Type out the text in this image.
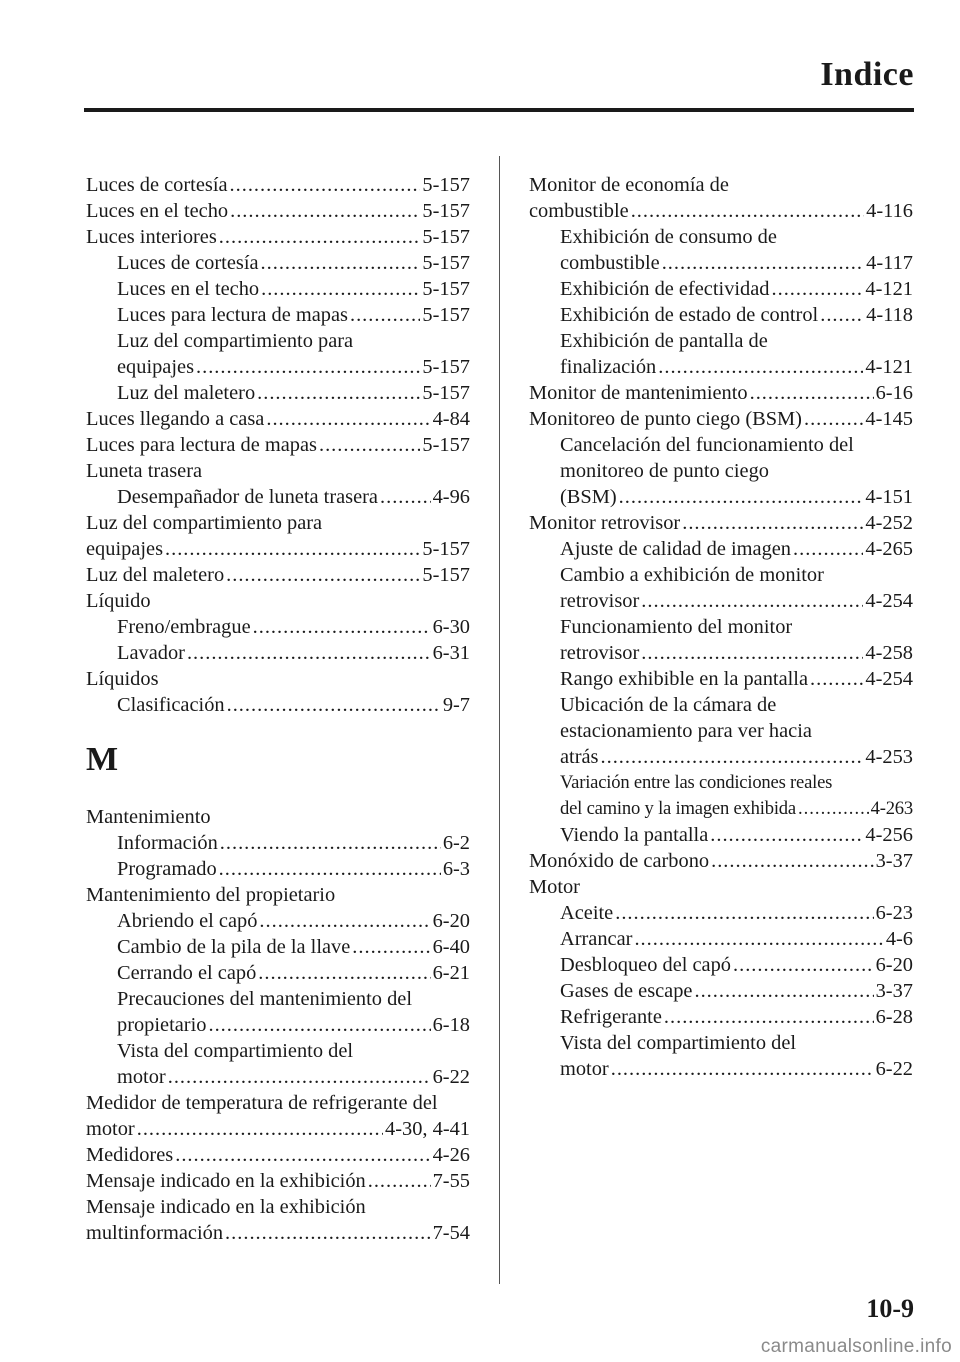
Indice
Luces de cortesía .....	5-157
Luces en el techo .....	5-157
Luces interiores .....	5-157
Luces de cortesía .....	5-157
Luces en el techo .....	5-157
Luces para lectura de mapas .....	5-157
Luz del compartimiento para
equipajes .....	5-157
Luz del maletero .....	5-157
Luces llegando a casa .....	4-84
Luces para lectura de mapas .....	5-157
Luneta trasera
Desempañador de luneta trasera .....	4-96
Luz del compartimiento para
equipajes .....	5-157
Luz del maletero .....	5-157
Líquido
Freno/embrague .....	6-30
Lavador .....	6-31
Líquidos
Clasificación .....	9-7
M
Mantenimiento
Información .....	6-2
Programado .....	6-3
Mantenimiento del propietario
Abriendo el capó .....	6-20
Cambio de la pila de la llave .....	6-40
Cerrando el capó .....	6-21
Precauciones del mantenimiento del
propietario .....	6-18
Vista del compartimiento del
motor .....	6-22
Medidor de temperatura de refrigerante del
motor .....	4-30, 4-41
Medidores .....	4-26
Mensaje indicado en la exhibición .....	7-55
Mensaje indicado en la exhibición
multinformación .....	7-54
Monitor de economía de
combustible .....	4-116
Exhibición de consumo de
combustible .....	4-117
Exhibición de efectividad .....	4-121
Exhibición de estado de control ..... 4-118
Exhibición de pantalla de
finalización .....	4-121
Monitor de mantenimiento .....	6-16
Monitoreo de punto ciego (BSM) .....	4-145
Cancelación del funcionamiento del
monitoreo de punto ciego
(BSM) .....	4-151
Monitor retrovisor .....	4-252
Ajuste de calidad de imagen .....	4-265
Cambio a exhibición de monitor
retrovisor .....	4-254
Funcionamiento del monitor
retrovisor .....	4-258
Rango exhibible en la pantalla .....	4-254
Ubicación de la cámara de
estacionamiento para ver hacia
atrás .....	4-253
Variación entre las condiciones reales
del camino y la imagen exhibida .....	4-263
Viendo la pantalla .....	4-256
Monóxido de carbono .....	3-37
Motor
Aceite .....	6-23
Arrancar .....	4-6
Desbloqueo del capó .....	6-20
Gases de escape .....	3-37
Refrigerante .....	6-28
Vista del compartimiento del
motor .....	6-22
10-9
carmanualsonline.info
